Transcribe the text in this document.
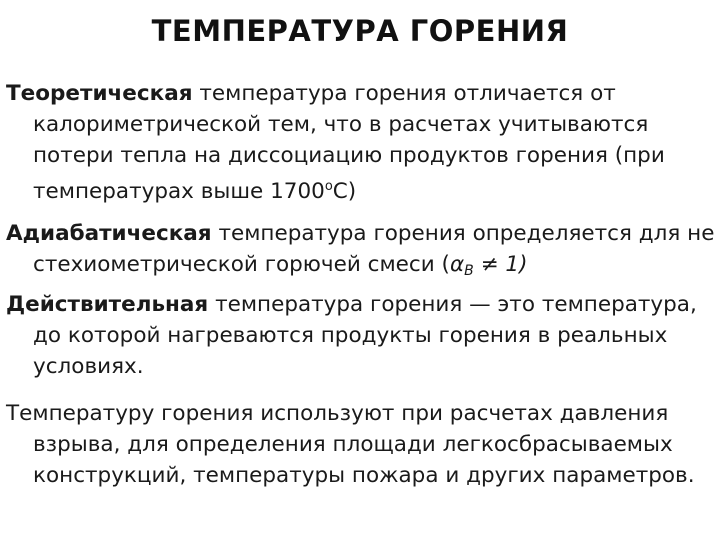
ТЕМПЕРАТУРА ГОРЕНИЯ
Теоретическая температура горения отличается от
калориметрической тем, что в расчетах учитываются
потери тепла на диссоциацию продуктов горения (при
температурах выше $1700^оС$)
Адиабатическая температура горения определяется для не
стехиометрической горючей смеси $(\alpha_B \ne 1)$
Действительная температура горения — это температура,
до которой нагреваются продукты горения в реальных
условиях.
Температуру горения используют при расчетах давления
взрыва, для определения площади легкосбрасываемых
конструкций, температуры пожара и других параметров.
